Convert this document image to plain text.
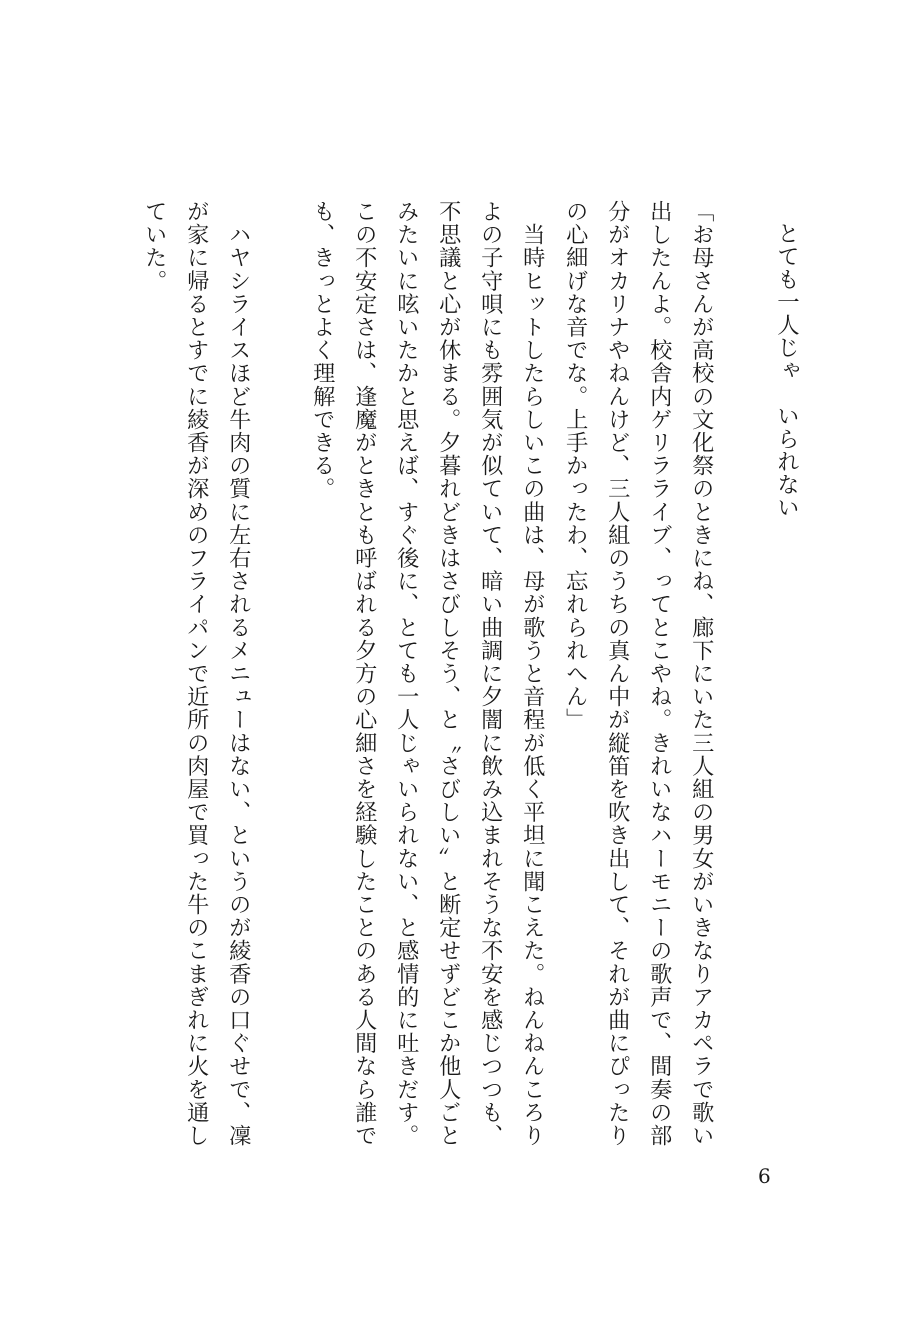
とても一人じゃ　いられない

「お母さんが高校の文化祭のときにね、廊下にいた三人組の男女がいきなりアカペラで歌い

出したんよ。校舎内ゲリラライブ、ってとこやね。きれいなハーモニーの歌声で、間奏の部

分がオカリナやねんけど、三人組のうちの真ん中が縦笛を吹き出して、それが曲にぴったり

の心細げな音でな。上手かったわ、忘れられへん」

　当時ヒットしたらしいこの曲は、母が歌うと音程が低く平坦に聞こえた。ねんねんころり

よの子守唄にも雰囲気が似ていて、暗い曲調に夕闇に飲み込まれそうな不安を感じつつも、

不思議と心が休まる。夕暮れどきはさびしそう、と〝さびしい〟と断定せずどこか他人ごと

みたいに呟いたかと思えば、すぐ後に、とても一人じゃいられない、と感情的に吐きだす。

この不安定さは、逢魔がときとも呼ばれる夕方の心細さを経験したことのある人間なら誰で

も、きっとよく理解できる。

　ハヤシライスほど牛肉の質に左右されるメニューはない、というのが綾香の口ぐせで、凜

が家に帰るとすでに綾香が深めのフライパンで近所の肉屋で買った牛のこまぎれに火を通し

ていた。

6
